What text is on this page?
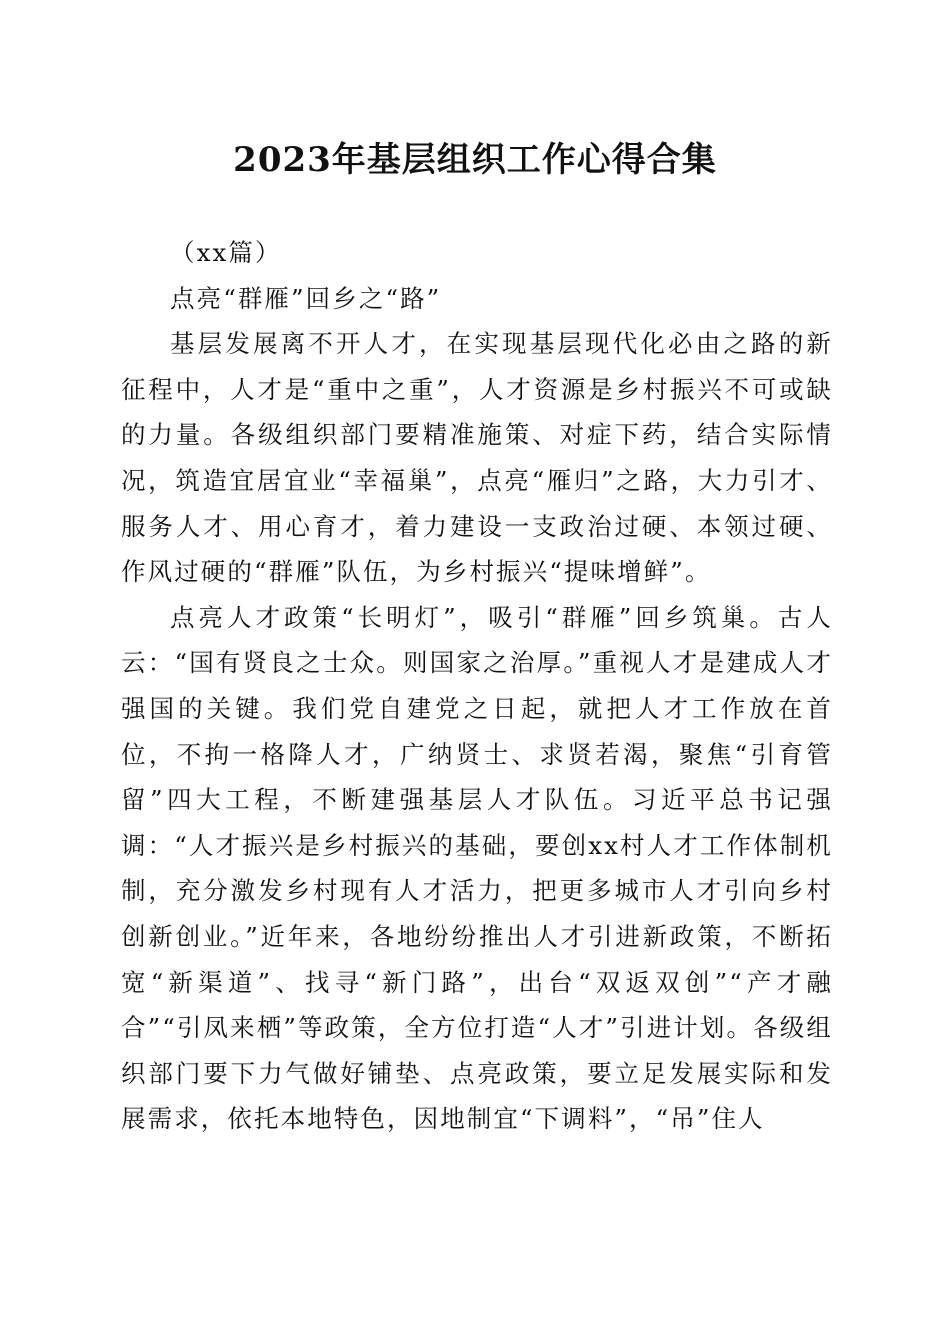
2023年基层组织工作心得合集

（xx篇）

点亮“群雁”回乡之“路”

基层发展离不开人才，在实现基层现代化必由之路的新征程中，人才是“重中之重”，人才资源是乡村振兴不可或缺的力量。各级组织部门要精准施策、对症下药，结合实际情况，筑造宜居宜业“幸福巢”，点亮“雁归”之路，大力引才、服务人才、用心育才，着力建设一支政治过硬、本领过硬、作风过硬的“群雁”队伍，为乡村振兴“提味增鲜”。

点亮人才政策“长明灯”，吸引“群雁”回乡筑巢。古人云：“国有贤良之士众。则国家之治厚。”重视人才是建成人才强国的关键。我们党自建党之日起，就把人才工作放在首位，不拘一格降人才，广纳贤士、求贤若渴，聚焦“引育管留”四大工程，不断建强基层人才队伍。习近平总书记强调：“人才振兴是乡村振兴的基础，要创xx村人才工作体制机制，充分激发乡村现有人才活力，把更多城市人才引向乡村创新创业。”近年来，各地纷纷推出人才引进新政策，不断拓宽“新渠道”、找寻“新门路”，出台“双返双创”“产才融合”“引凤来栖”等政策，全方位打造“人才”引进计划。各级组织部门要下力气做好铺垫、点亮政策，要立足发展实际和发展需求，依托本地特色，因地制宜“下调料”，“吊”住人
